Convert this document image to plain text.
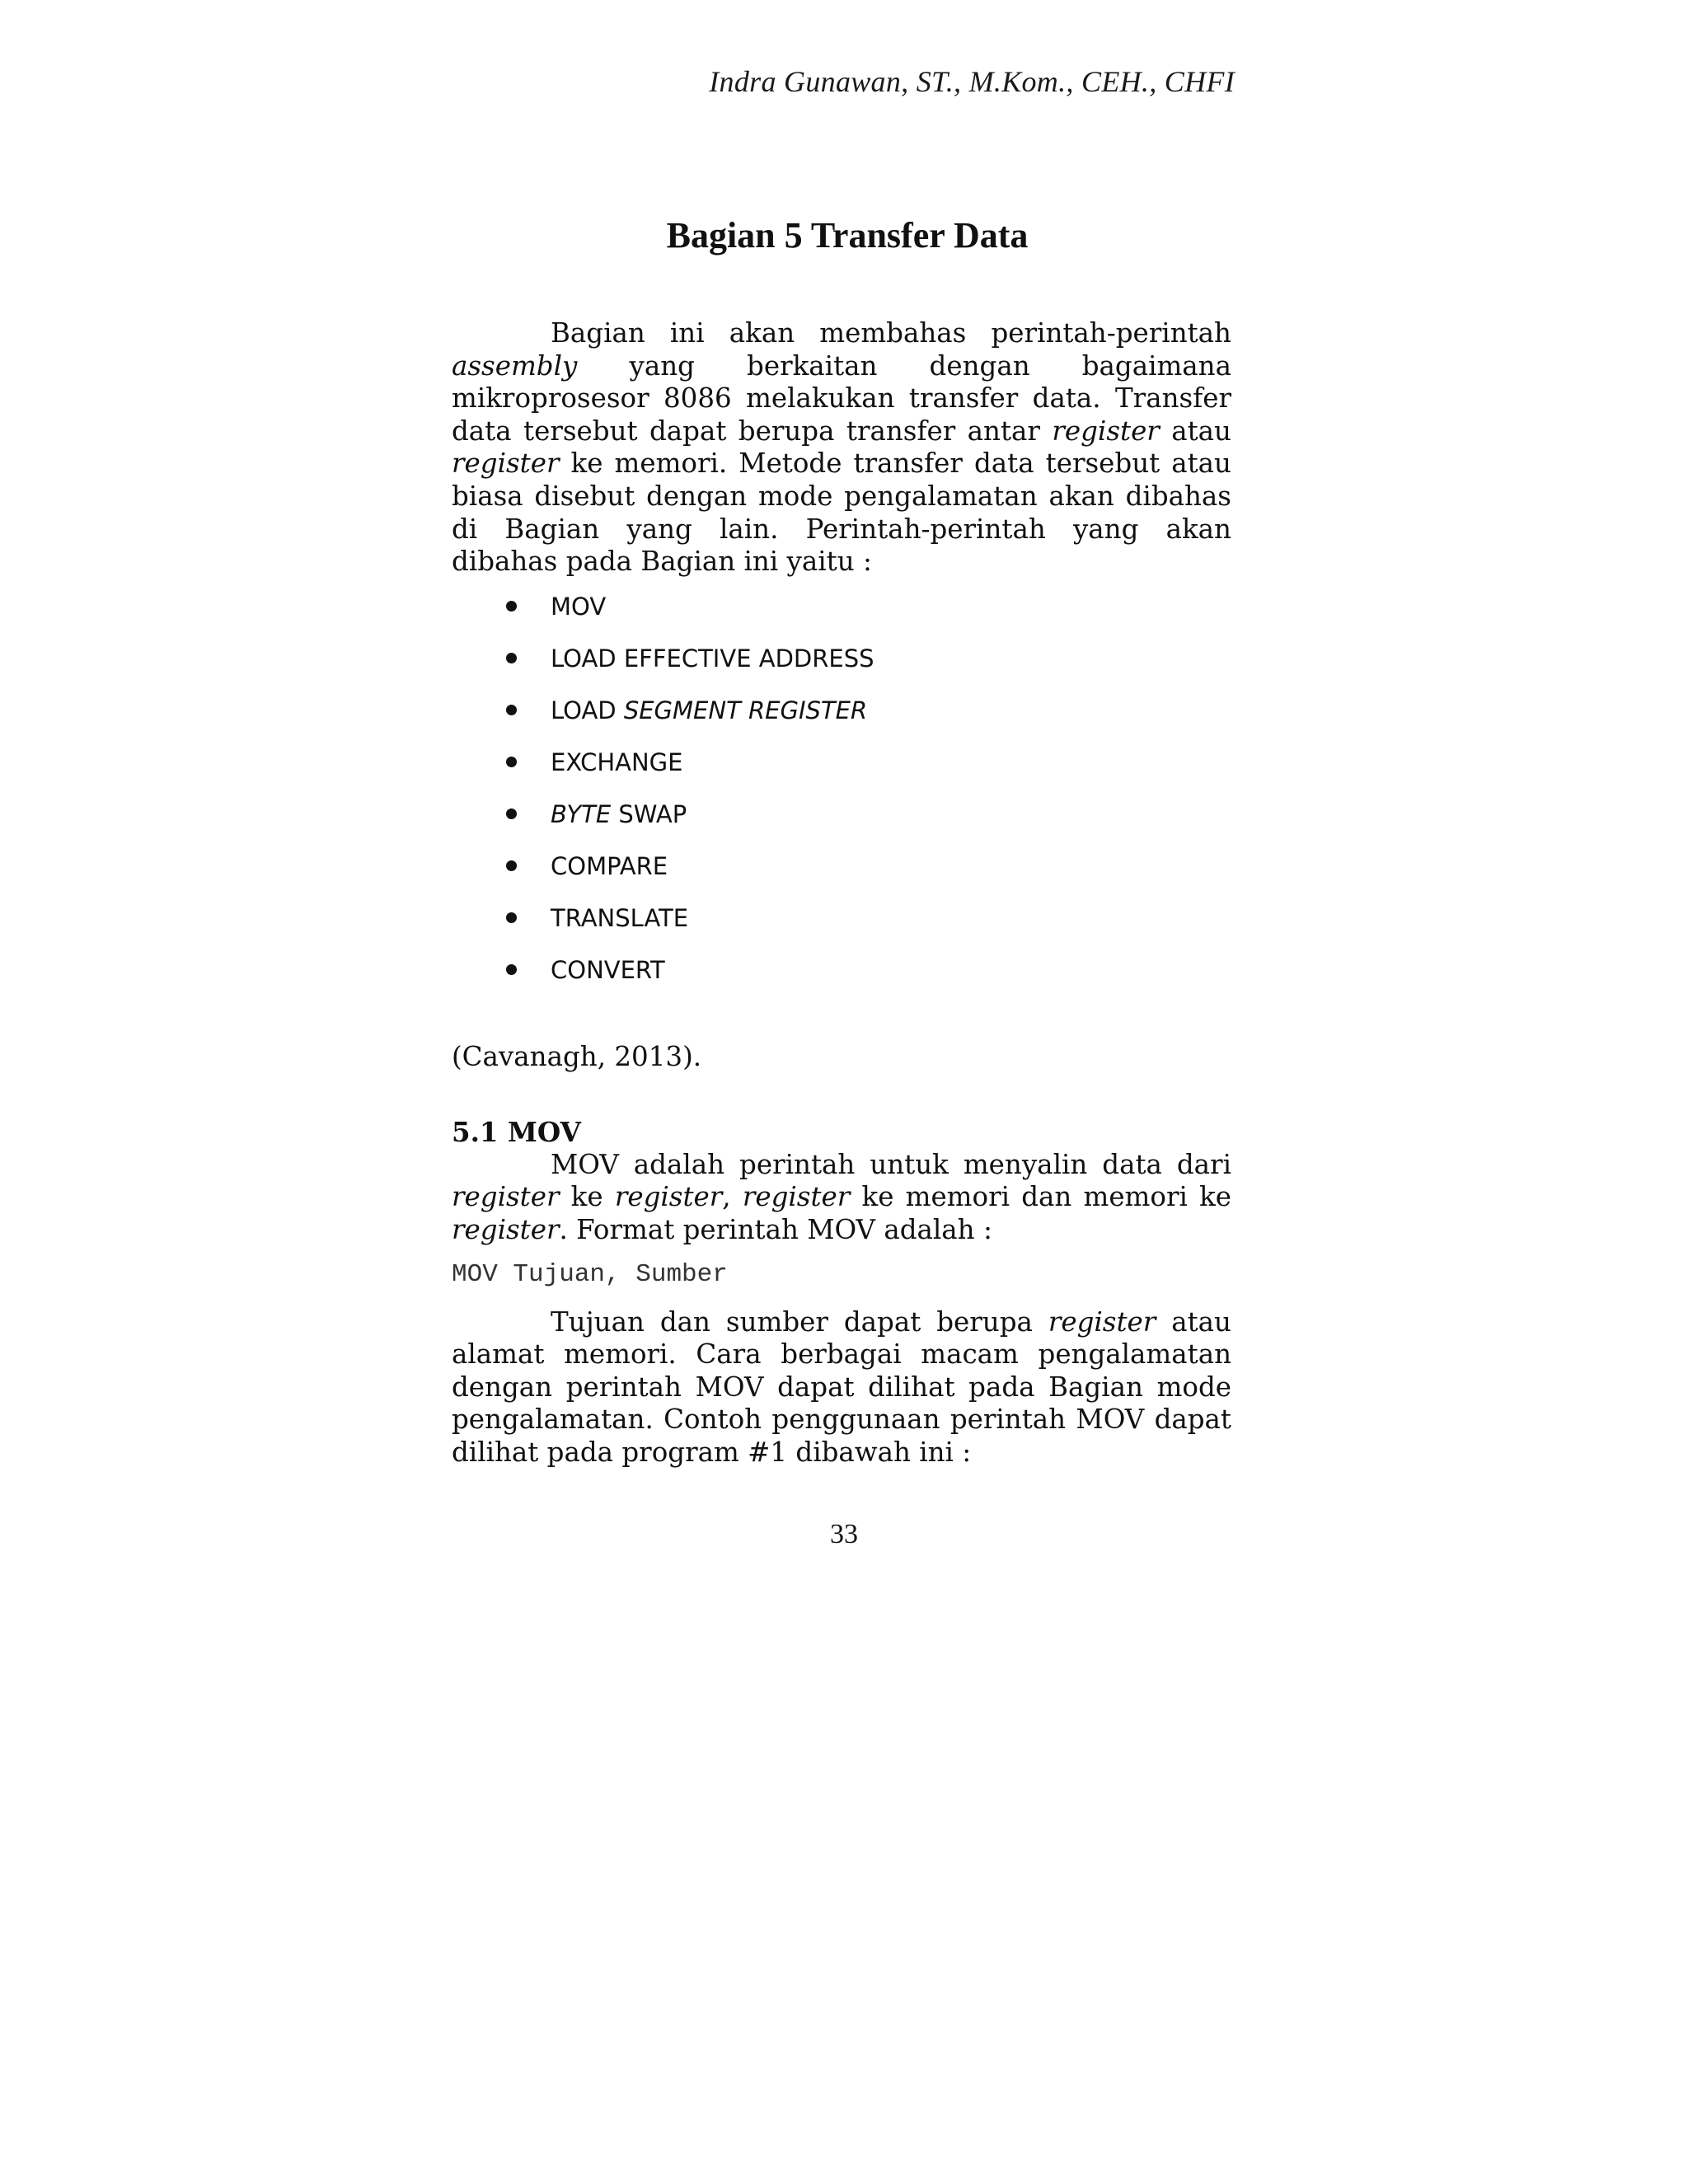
Indra Gunawan, ST., M.Kom., CEH., CHFI
Bagian 5 Transfer Data

Bagian ini akan membahas perintah-perintah assembly yang berkaitan dengan bagaimana mikroprosesor 8086 melakukan transfer data. Transfer data tersebut dapat berupa transfer antar register atau register ke memori. Metode transfer data tersebut atau biasa disebut dengan mode pengalamatan akan dibahas di Bagian yang lain. Perintah-perintah yang akan dibahas pada Bagian ini yaitu :

MOV
LOAD EFFECTIVE ADDRESS
LOAD SEGMENT REGISTER
EXCHANGE
BYTE SWAP
COMPARE
TRANSLATE
CONVERT
(Cavanagh, 2013).
5.1 MOV

MOV adalah perintah untuk menyalin data dari register ke register, register ke memori dan memori ke register. Format perintah MOV adalah :

MOV Tujuan, Sumber

Tujuan dan sumber dapat berupa register atau alamat memori. Cara berbagai macam pengalamatan dengan perintah MOV dapat dilihat pada Bagian mode pengalamatan. Contoh penggunaan perintah MOV dapat dilihat pada program #1 dibawah ini :

33
